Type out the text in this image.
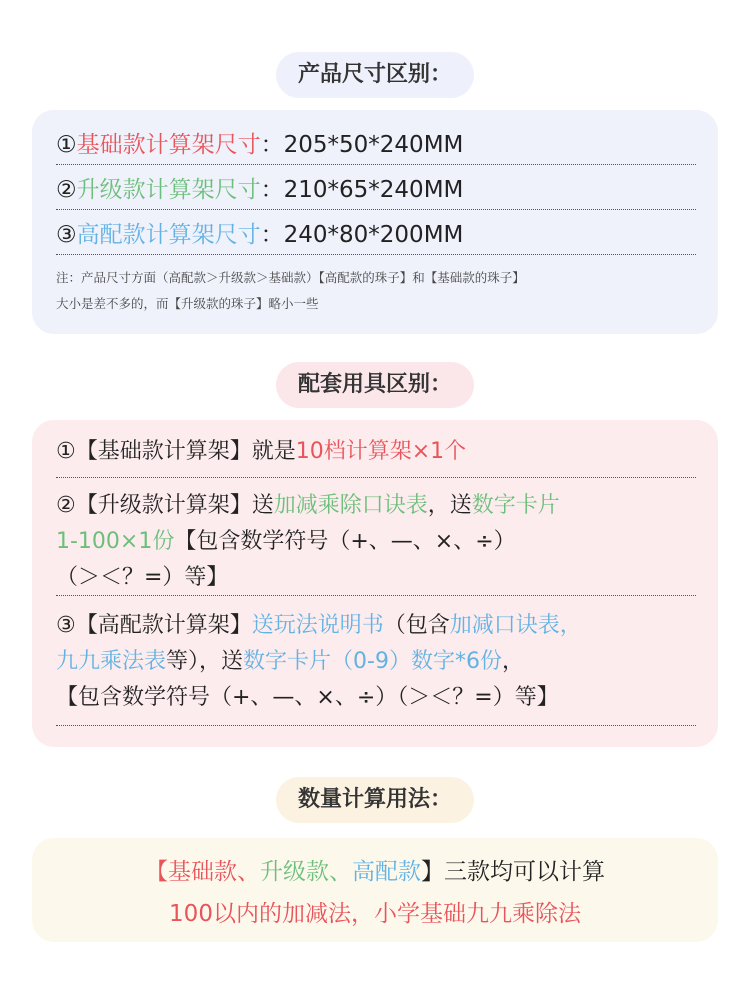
产品尺寸区别：
①基础款计算架尺寸：205*50*240MM
②升级款计算架尺寸：210*65*240MM
③高配款计算架尺寸：240*80*200MM
注：产品尺寸方面（高配款＞升级款＞基础款）【高配款的珠子】和【基础款的珠子】
大小是差不多的，而【升级款的珠子】略小一些
配套用具区别：
①【基础款计算架】就是10档计算架×1个
②【升级款计算架】送加减乘除口诀表，送数字卡片
1-100×1份【包含数学符号（+、—、×、÷）
（＞＜？=）等】
③【高配款计算架】送玩法说明书（包含加减口诀表，
九九乘法表等），送数字卡片（0-9）数字*6份，
【包含数学符号（+、—、×、÷）（＞＜？=）等】
数量计算用法：
【基础款、升级款、高配款】三款均可以计算
100以内的加减法，小学基础九九乘除法
